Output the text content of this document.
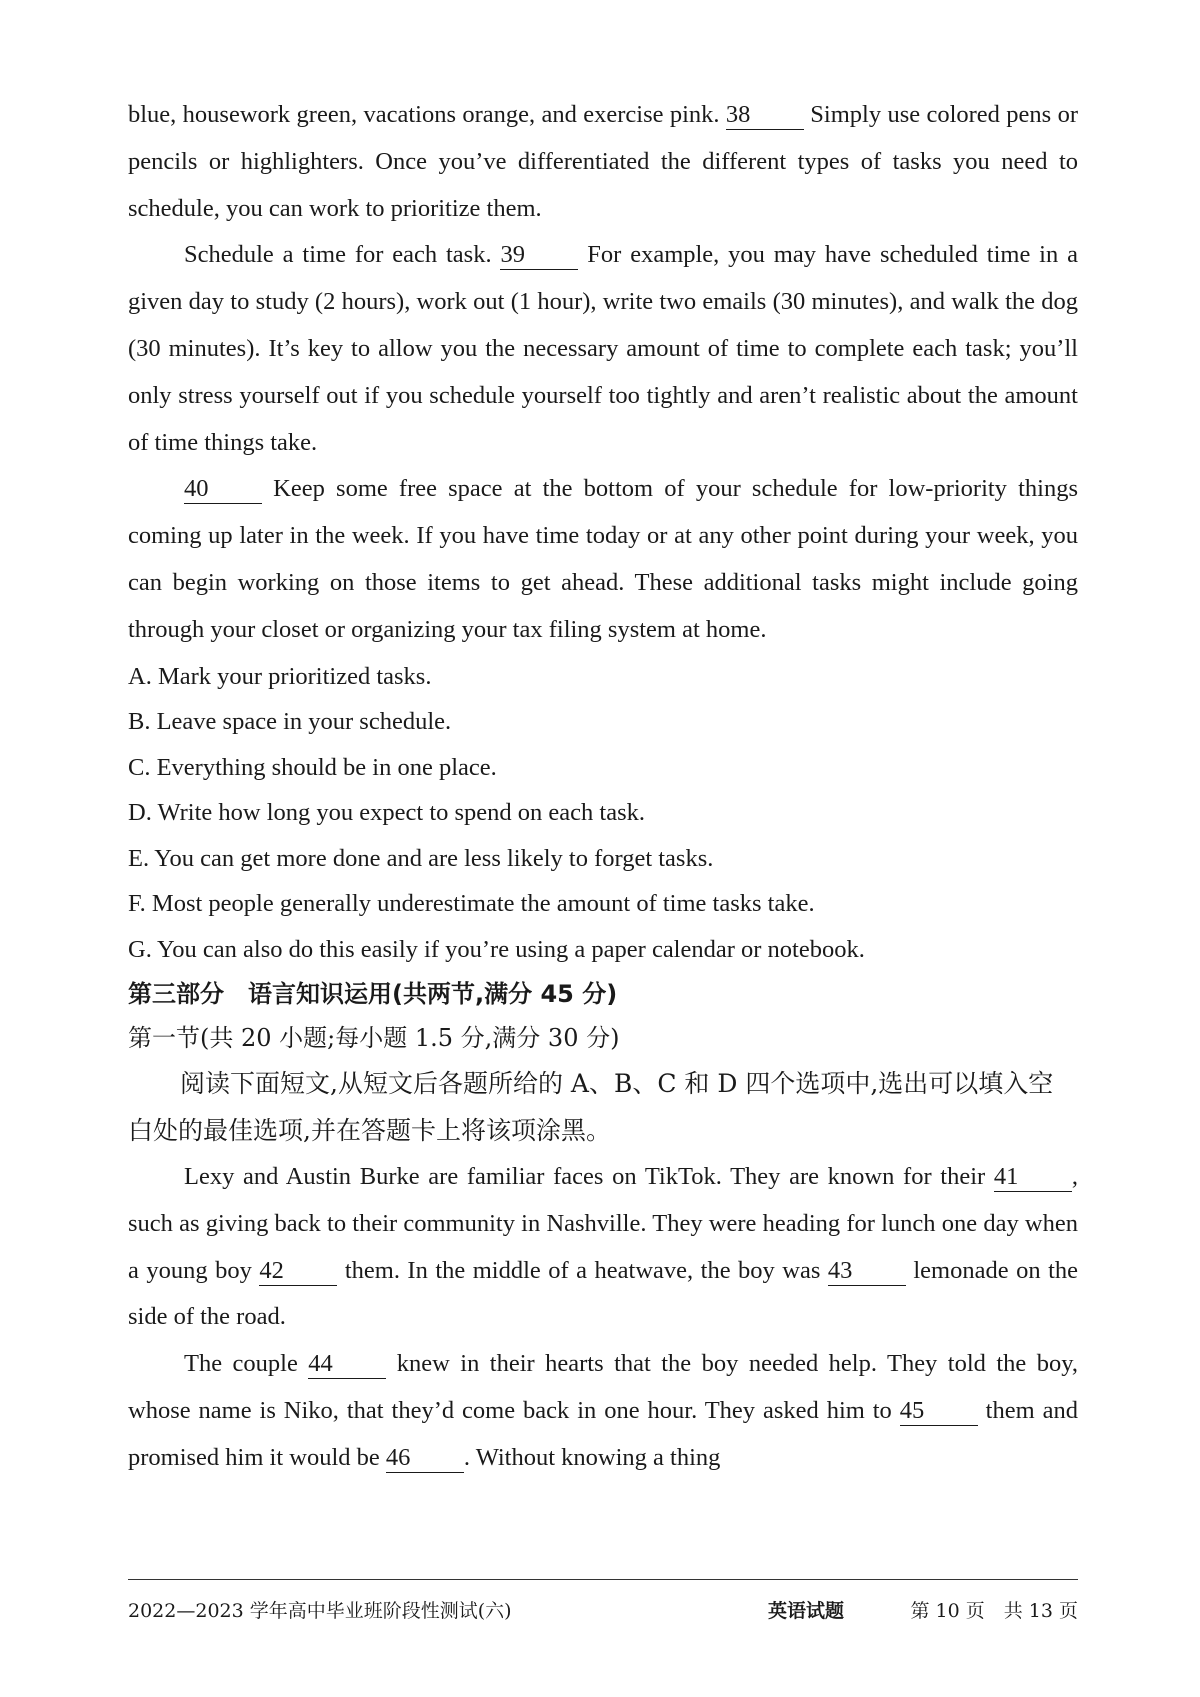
blue, housework green, vacations orange, and exercise pink. 38 Simply use colored pens or pencils or highlighters. Once you’ve differentiated the different types of tasks you need to schedule, you can work to prioritize them.

Schedule a time for each task. 39 For example, you may have scheduled time in a given day to study (2 hours), work out (1 hour), write two emails (30 minutes), and walk the dog (30 minutes). It’s key to allow you the necessary amount of time to complete each task; you’ll only stress yourself out if you schedule yourself too tightly and aren’t realistic about the amount of time things take.

40 Keep some free space at the bottom of your schedule for low-priority things coming up later in the week. If you have time today or at any other point during your week, you can begin working on those items to get ahead. These additional tasks might include going through your closet or organizing your tax filing system at home.

A. Mark your prioritized tasks.

B. Leave space in your schedule.

C. Everything should be in one place.

D. Write how long you expect to spend on each task.

E. You can get more done and are less likely to forget tasks.

F. Most people generally underestimate the amount of time tasks take.

G. You can also do this easily if you’re using a paper calendar or notebook.

第三部分　语言知识运用(共两节,满分 45 分)

第一节(共 20 小题;每小题 1.5 分,满分 30 分)

阅读下面短文,从短文后各题所给的 A、B、C 和 D 四个选项中,选出可以填入空白处的最佳选项,并在答题卡上将该项涂黑。

Lexy and Austin Burke are familiar faces on TikTok. They are known for their 41 , such as giving back to their community in Nashville. They were heading for lunch one day when a young boy 42 them. In the middle of a heatwave, the boy was 43 lemonade on the side of the road.

The couple 44 knew in their hearts that the boy needed help. They told the boy, whose name is Niko, that they’d come back in one hour. They asked him to 45 them and promised him it would be 46 . Without knowing a thing

2022—2023 学年高中毕业班阶段性测试(六)	英语试题	第 10 页　共 13 页
